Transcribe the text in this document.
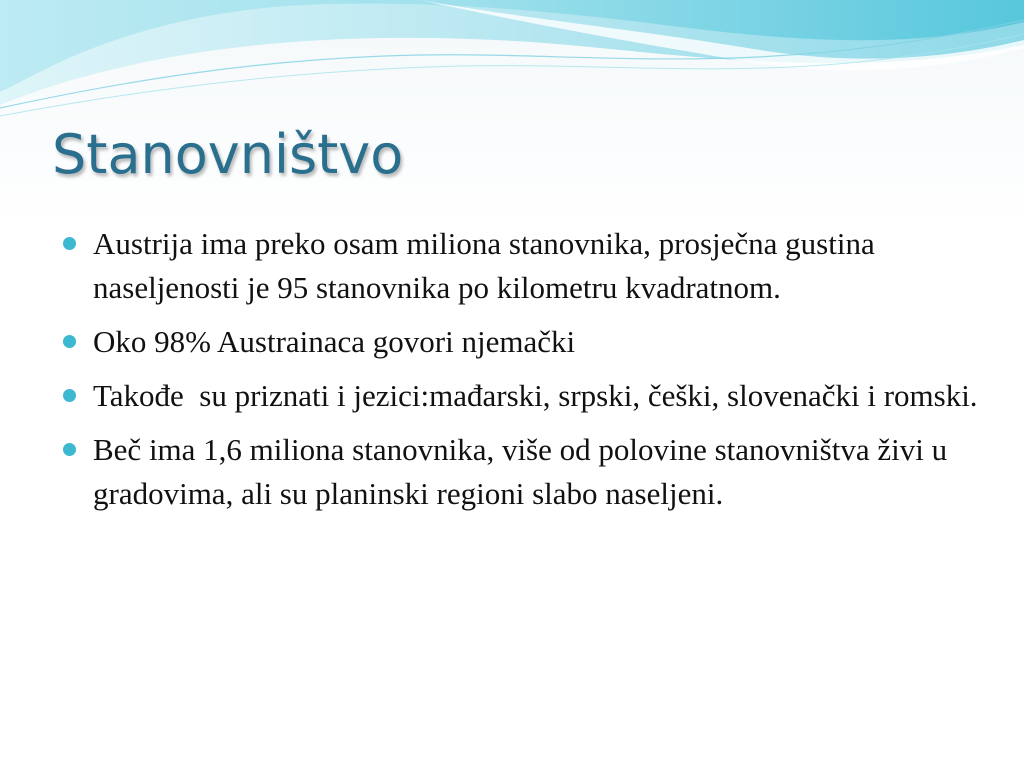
Stanovništvo
Austrija ima preko osam miliona stanovnika, prosječna gustina naseljenosti je 95 stanovnika po kilometru kvadratnom.
Oko 98% Austrainaca govori njemački
Takođe  su priznati i jezici:mađarski, srpski, češki, slovenački i romski.
Beč ima 1,6 miliona stanovnika, više od polovine stanovništva živi u gradovima, ali su planinski regioni slabo naseljeni.
